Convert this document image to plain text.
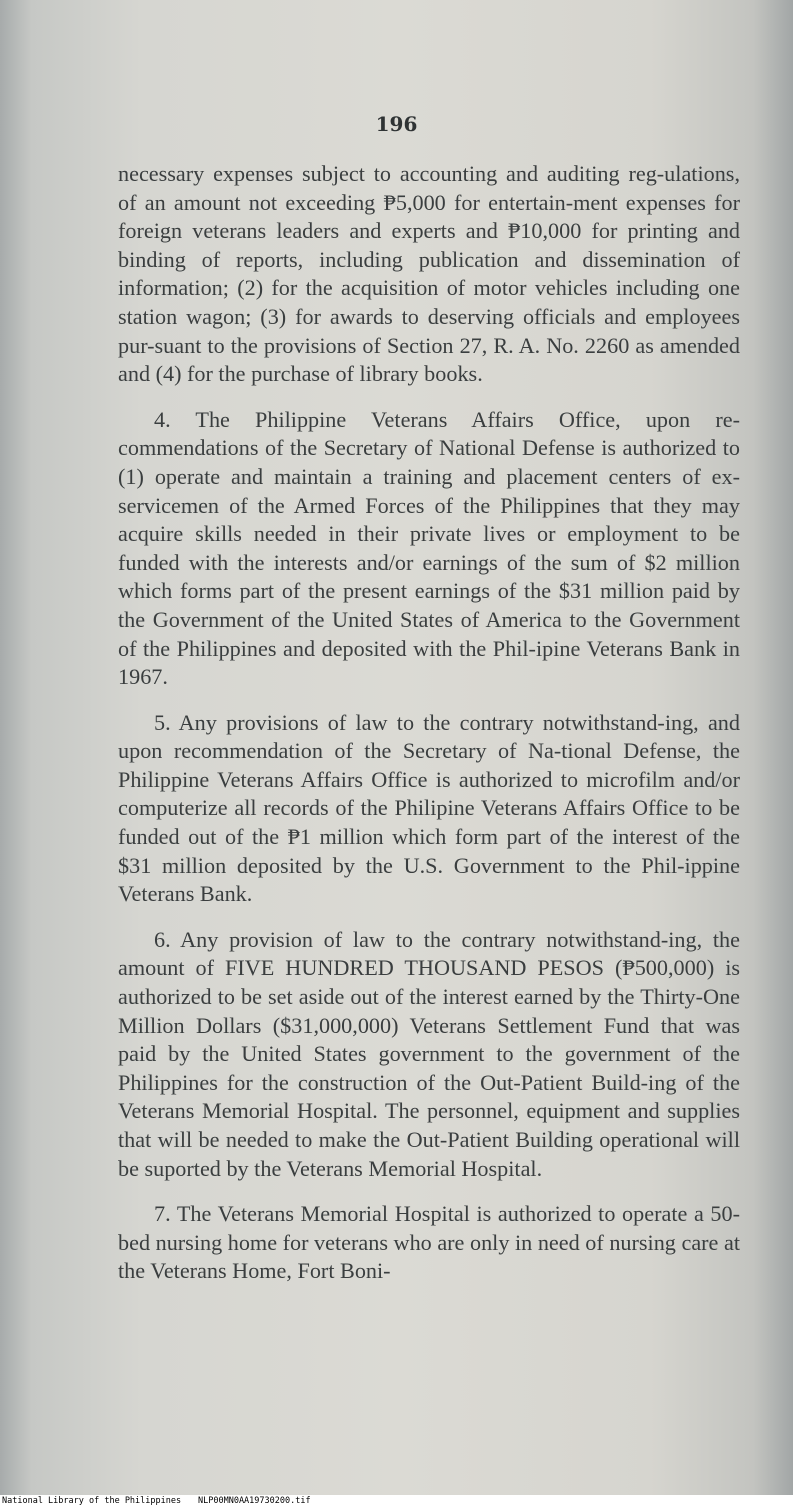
196

necessary expenses subject to accounting and auditing reg-ulations, of an amount not exceeding ₱5,000 for entertain-ment expenses for foreign veterans leaders and experts and ₱10,000 for printing and binding of reports, including publication and dissemination of information; (2) for the acquisition of motor vehicles including one station wagon; (3) for awards to deserving officials and employees pur-suant to the provisions of Section 27, R. A. No. 2260 as amended and (4) for the purchase of library books.

4. The Philippine Veterans Affairs Office, upon re-commendations of the Secretary of National Defense is authorized to (1) operate and maintain a training and placement centers of ex-servicemen of the Armed Forces of the Philippines that they may acquire skills needed in their private lives or employment to be funded with the interests and/or earnings of the sum of $2 million which forms part of the present earnings of the $31 million paid by the Government of the United States of America to the Government of the Philippines and deposited with the Phil-ipine Veterans Bank in 1967.

5. Any provisions of law to the contrary notwithstand-ing, and upon recommendation of the Secretary of Na-tional Defense, the Philippine Veterans Affairs Office is authorized to microfilm and/or computerize all records of the Philipine Veterans Affairs Office to be funded out of the ₱1 million which form part of the interest of the $31 million deposited by the U.S. Government to the Phil-ippine Veterans Bank.

6. Any provision of law to the contrary notwithstand-ing, the amount of FIVE HUNDRED THOUSAND PESOS (₱500,000) is authorized to be set aside out of the interest earned by the Thirty-One Million Dollars ($31,000,000) Veterans Settlement Fund that was paid by the United States government to the government of the Philippines for the construction of the Out-Patient Build-ing of the Veterans Memorial Hospital. The personnel, equipment and supplies that will be needed to make the Out-Patient Building operational will be suported by the Veterans Memorial Hospital.

7. The Veterans Memorial Hospital is authorized to operate a 50-bed nursing home for veterans who are only in need of nursing care at the Veterans Home, Fort Boni-

National Library of the Philippines NLP00MN0AA19730200.tif
